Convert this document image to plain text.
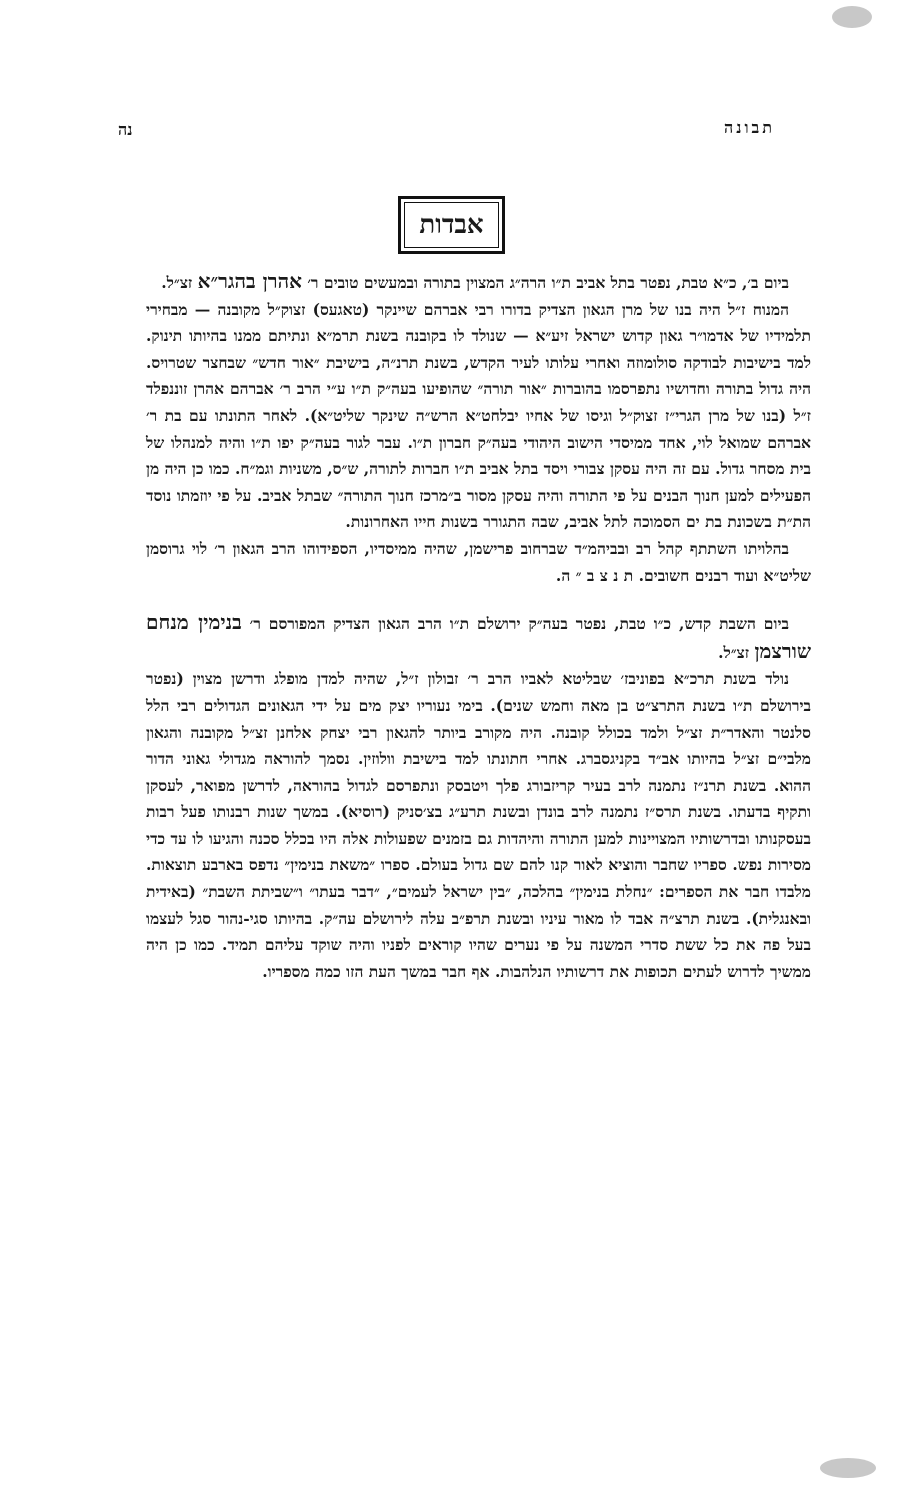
תבונה
נה
אבדות

ביום ב׳, כ״א טבת, נפטר בתל אביב ת״ו הרה״ג המצוין בתורה ובמעשים טובים ר׳ אהרן בהגר״א זצ״ל.

המנוח ז״ל היה בנו של מרן הגאון הצדיק בדורו רבי אברהם שיינקר (טאגעס) זצוק״ל מקובנה — מבחירי תלמידיו של אדמו״ר גאון קדוש ישראל זיע״א — שנולד לו בקובנה בשנת תרמ״א ונתיתם ממנו בהיותו תינוק. למד בישיבות לבודקה סולומוזה ואחרי עלותו לעיר הקדש, בשנת תרנ״ה, בישיבת ״אור חדש״ שבחצר שטרויס. היה גדול בתורה וחדושיו נתפרסמו בהוברות ״אור תורה״ שהופיעו בעה״ק ת״ו ע״י הרב ר׳ אברהם אהרן זוננפלד ז״ל (בנו של מרן הגרי״ז זצוק״ל וגיסו של אחיו יבלחט״א הרש״ה שינקר שליט״א). לאחר התונתו עם בת ר׳ אברהם שמואל לוי, אחד ממיסדי הישוב היהודי בעה״ק חברון ת״ו. עבר לגור בעה״ק יפו ת״ו והיה למנהלו של בית מסחר גדול. עם זה היה עסקן צבורי ויסד בתל אביב ת״ו חברות לתורה, ש״ס, משניות וגמ״ח. כמו כן היה מן הפעילים למען חנוך הבנים על פי התורה והיה עסקן מסור ב״מרכז חנוך התורה״ שבתל אביב. על פי יוזמתו נוסד הת״ת בשכונת בת ים הסמוכה לתל אביב, שבה התגורר בשנות חייו האחרונות.

בהלויתו השתתף קהל רב ובביהמ״ד שברחוב פרישמן, שהיה ממיסדיו, הספידוהו הרב הגאון ר׳ לוי גרוסמן שליט״א ועוד רבנים חשובים. ת נ צ ב ״ ה.

ביום השבת קדש, כ״ו טבת, נפטר בעה״ק ירושלם ת״ו הרב הגאון הצדיק המפורסם ר׳ בנימין מנחם שורצמן זצ״ל.

נולד בשנת תרכ״א בפוניבז׳ שבליטא לאביו הרב ר׳ זבולון ז״ל, שהיה למדן מופלג ודרשן מצוין (נפטר בירושלם ת״ו בשנת התרצ״ט בן מאה וחמש שנים). בימי נעוריו יצק מים על ידי הגאונים הגדולים רבי הלל סלנטר והאדר״ת זצ״ל ולמד בכולל קובנה. היה מקורב ביותר להגאון רבי יצחק אלחנן זצ״ל מקובנה והגאון מלבי״ם זצ״ל בהיותו אב״ד בקניגסברג. אחרי חתונתו למד בישיבת וולוזין. נסמך להוראה מגדולי גאוני הדור ההוא. בשנת תרנ״ז נתמנה לרב בעיר קריזבורג פלך ויטבסק ונתפרסם לגדול בהוראה, לדרשן מפואר, לעסקן ותקיף בדעתו. בשנת תרס״ז נתמנה לרב בונדן ובשנת תרע״ג בצ׳סניק (רוסיא). במשך שנות רבנותו פעל רבות בעסקנותו ובדרשותיו המצויינות למען התורה והיהדות גם בזמנים שפעולות אלה היו בכלל סכנה והגיעו לו עד כדי מסירות נפש. ספריו שחבר והוציא לאור קנו להם שם גדול בעולם. ספרו ״משאת בנימין״ נדפס בארבע תוצאות. מלבדו חבר את הספרים: ״נחלת בנימין״ בהלכה, ״בין ישראל לעמים״, ״דבר בעתו״ ו״שביתת השבת״ (באידית ובאנגלית). בשנת תרצ״ה אבד לו מאור עיניו ובשנת תרפ״ב עלה לירושלם עה״ק. בהיותו סגי-נהור סגל לעצמו בעל פה את כל ששת סדרי המשנה על פי נערים שהיו קוראים לפניו והיה שוקד עליהם תמיד. כמו כן היה ממשיך לדרוש לעתים תכופות את דרשותיו הנלהבות. אף חבר במשך העת הזו כמה מספריו.
